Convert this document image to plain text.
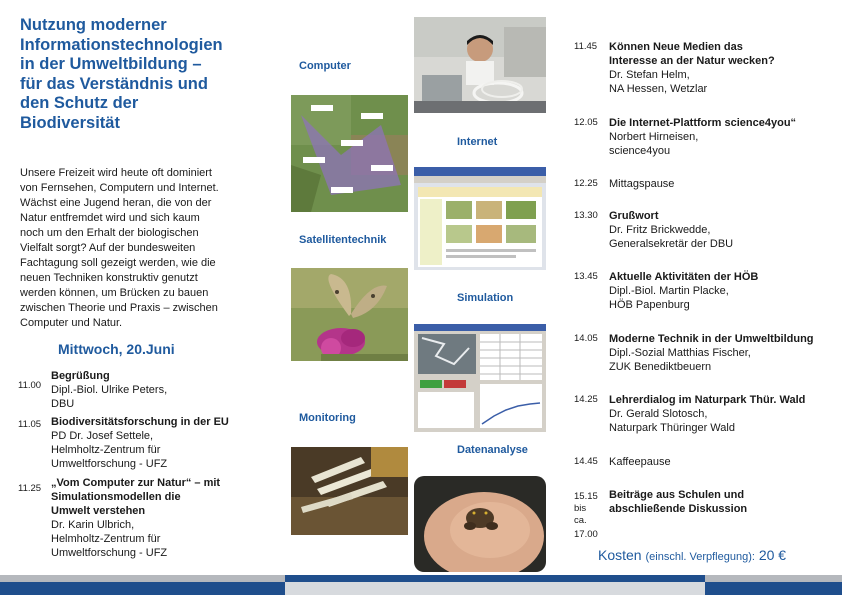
Nutzung moderner
Informationstechnologien
in der Umweltbildung –
für das Verständnis und
den Schutz der
Biodiversität
Unsere Freizeit wird heute oft dominiert
von Fernsehen, Computern und Internet.
Wächst eine Jugend heran, die von der
Natur entfremdet wird und sich kaum
noch um den Erhalt der biologischen
Vielfalt sorgt? Auf der bundesweiten
Fachtagung soll gezeigt werden, wie die
neuen Techniken konstruktiv genutzt
werden können, um Brücken zu bauen
zwischen Theorie und Praxis – zwischen
Computer und Natur.
Mittwoch, 20.Juni
11.00
Begrüßung
Dipl.-Biol. Ulrike Peters,
DBU
11.05 Biodiversitätsforschung in der EU
PD Dr. Josef Settele,
Helmholtz-Zentrum für
Umweltforschung - UFZ
11.25 „Vom Computer zur Natur“ – mit
Simulationsmodellen die
Umwelt verstehen
Dr. Karin Ulbrich,
Helmholtz-Zentrum für
Umweltforschung - UFZ
Computer
Internet
Satellitentechnik
Simulation
Monitoring
Datenanalyse
11.45 Können Neue Medien das
Interesse an der Natur wecken?
Dr. Stefan Helm,
NA Hessen, Wetzlar
12.05 Die Internet-Plattform science4you“
Norbert Hirneisen,
science4you
12.25 Mittagspause
13.30 Grußwort
Dr. Fritz Brickwedde,
Generalsekretär der DBU
13.45 Aktuelle Aktivitäten der HÖB
Dipl.-Biol. Martin Placke,
HÖB Papenburg
14.05 Moderne Technik in der Umweltbildung
Dipl.-Sozial Matthias Fischer,
ZUK Benediktbeuern
14.25 Lehrerdialog im Naturpark Thür. Wald
Dr. Gerald Slotosch,
Naturpark Thüringer Wald
14.45 Kaffeepause
15.15
bis
ca. 17.00
Beiträge aus Schulen und
abschließende Diskussion
Kosten (einschl. Verpflegung): 20 €
